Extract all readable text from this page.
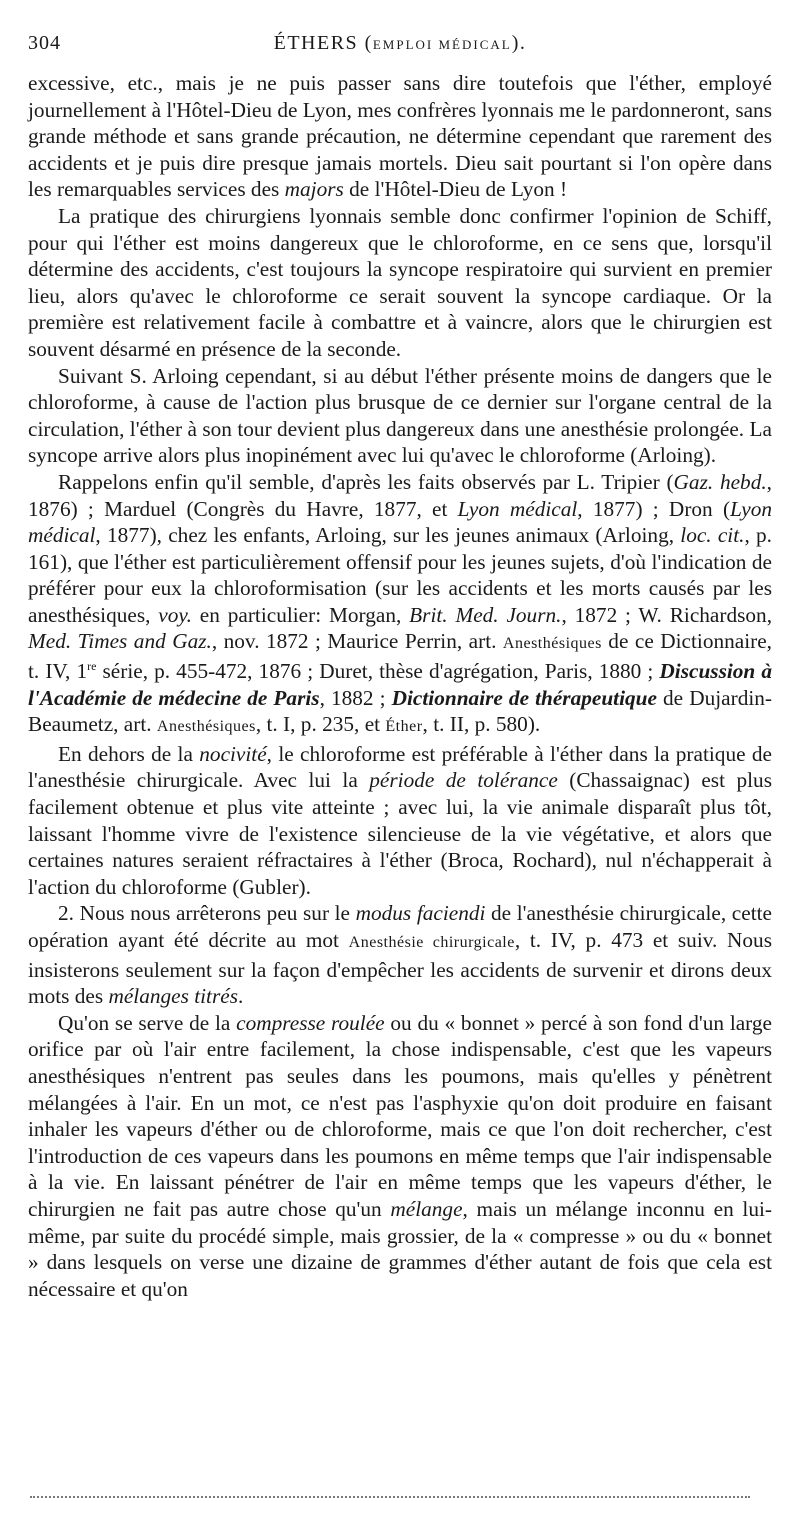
304	ÉTHERS (EMPLOI MÉDICAL).

excessive, etc., mais je ne puis passer sans dire toutefois que l'éther, employé journellement à l'Hôtel-Dieu de Lyon, mes confrères lyonnais me le pardonneront, sans grande méthode et sans grande précaution, ne détermine cependant que rarement des accidents et je puis dire presque jamais mortels. Dieu sait pourtant si l'on opère dans les remarquables services des majors de l'Hôtel-Dieu de Lyon !

La pratique des chirurgiens lyonnais semble donc confirmer l'opinion de Schiff, pour qui l'éther est moins dangereux que le chloroforme, en ce sens que, lorsqu'il détermine des accidents, c'est toujours la syncope respiratoire qui survient en premier lieu, alors qu'avec le chloroforme ce serait souvent la syncope cardiaque. Or la première est relativement facile à combattre et à vaincre, alors que le chirurgien est souvent désarmé en présence de la seconde.

Suivant S. Arloing cependant, si au début l'éther présente moins de dangers que le chloroforme, à cause de l'action plus brusque de ce dernier sur l'organe central de la circulation, l'éther à son tour devient plus dangereux dans une anesthésie prolongée. La syncope arrive alors plus inopinément avec lui qu'avec le chloroforme (Arloing).

Rappelons enfin qu'il semble, d'après les faits observés par L. Tripier (Gaz. hebd., 1876) ; Marduel (Congrès du Havre, 1877, et Lyon médical, 1877) ; Dron (Lyon médical, 1877), chez les enfants, Arloing, sur les jeunes animaux (Arloing, loc. cit., p. 161), que l'éther est particulièrement offensif pour les jeunes sujets, d'où l'indication de préférer pour eux la chloroformisation (sur les accidents et les morts causés par les anesthésiques, voy. en particulier: Morgan, Brit. Med. Journ., 1872 ; W. Richardson, Med. Times and Gaz., nov. 1872 ; Maurice Perrin, art. Anesthésiques de ce Dictionnaire, t. IV, 1re série, p. 455-472, 1876 ; Duret, thèse d'agrégation, Paris, 1880 ; Discussion à l'Académie de médecine de Paris, 1882 ; Dictionnaire de thérapeutique de Dujardin-Beaumetz, art. Anesthésiques, t. I, p. 235, et Éther, t. II, p. 580).

En dehors de la nocivité, le chloroforme est préférable à l'éther dans la pratique de l'anesthésie chirurgicale. Avec lui la période de tolérance (Chassaignac) est plus facilement obtenue et plus vite atteinte ; avec lui, la vie animale disparaît plus tôt, laissant l'homme vivre de l'existence silencieuse de la vie végétative, et alors que certaines natures seraient réfractaires à l'éther (Broca, Rochard), nul n'échapperait à l'action du chloroforme (Gubler).

2. Nous nous arrêterons peu sur le modus faciendi de l'anesthésie chirurgicale, cette opération ayant été décrite au mot Anesthésie chirurgicale, t. IV, p. 473 et suiv. Nous insisterons seulement sur la façon d'empêcher les accidents de survenir et dirons deux mots des mélanges titrés.

Qu'on se serve de la compresse roulée ou du « bonnet » percé à son fond d'un large orifice par où l'air entre facilement, la chose indispensable, c'est que les vapeurs anesthésiques n'entrent pas seules dans les poumons, mais qu'elles y pénètrent mélangées à l'air. En un mot, ce n'est pas l'asphyxie qu'on doit produire en faisant inhaler les vapeurs d'éther ou de chloroforme, mais ce que l'on doit rechercher, c'est l'introduction de ces vapeurs dans les poumons en même temps que l'air indispensable à la vie. En laissant pénétrer de l'air en même temps que les vapeurs d'éther, le chirurgien ne fait pas autre chose qu'un mélange, mais un mélange inconnu en lui-même, par suite du procédé simple, mais grossier, de la « compresse » ou du « bonnet » dans lesquels on verse une dizaine de grammes d'éther autant de fois que cela est nécessaire et qu'on
